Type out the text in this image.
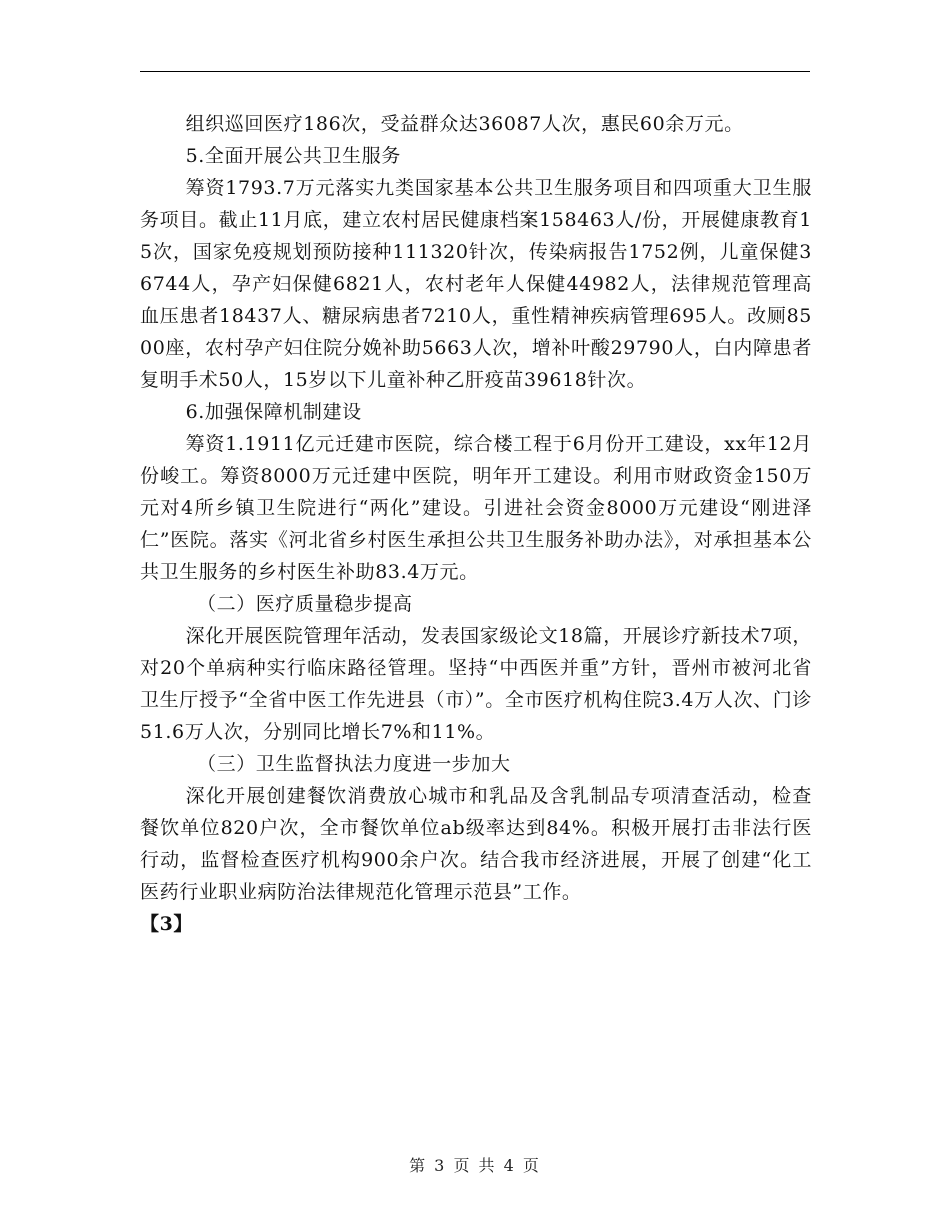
组织巡回医疗186次，受益群众达36087人次，惠民60余万元。

5.全面开展公共卫生服务

筹资1793.7万元落实九类国家基本公共卫生服务项目和四项重大卫生服务项目。截止11月底，建立农村居民健康档案158463人/份，开展健康教育15次，国家免疫规划预防接种111320针次，传染病报告1752例，儿童保健36744人，孕产妇保健6821人，农村老年人保健44982人，法律规范管理高血压患者18437人、糖尿病患者7210人，重性精神疾病管理695人。改厕8500座，农村孕产妇住院分娩补助5663人次，增补叶酸29790人，白内障患者复明手术50人，15岁以下儿童补种乙肝疫苗39618针次。

6.加强保障机制建设

筹资1.1911亿元迁建市医院，综合楼工程于6月份开工建设，xx年12月份峻工。筹资8000万元迁建中医院，明年开工建设。利用市财政资金150万元对4所乡镇卫生院进行“两化”建设。引进社会资金8000万元建设“刚进泽仁”医院。落实《河北省乡村医生承担公共卫生服务补助办法》，对承担基本公共卫生服务的乡村医生补助83.4万元。

（二）医疗质量稳步提高

深化开展医院管理年活动，发表国家级论文18篇，开展诊疗新技术7项，对20个单病种实行临床路径管理。坚持“中西医并重”方针，晋州市被河北省卫生厅授予“全省中医工作先进县（市）”。全市医疗机构住院3.4万人次、门诊51.6万人次，分别同比增长7%和11%。

（三）卫生监督执法力度进一步加大

深化开展创建餐饮消费放心城市和乳品及含乳制品专项清查活动，检查餐饮单位820户次，全市餐饮单位ab级率达到84%。积极开展打击非法行医行动，监督检查医疗机构900余户次。结合我市经济进展，开展了创建“化工医药行业职业病防治法律规范化管理示范县”工作。

【3】

第 3 页 共 4 页
